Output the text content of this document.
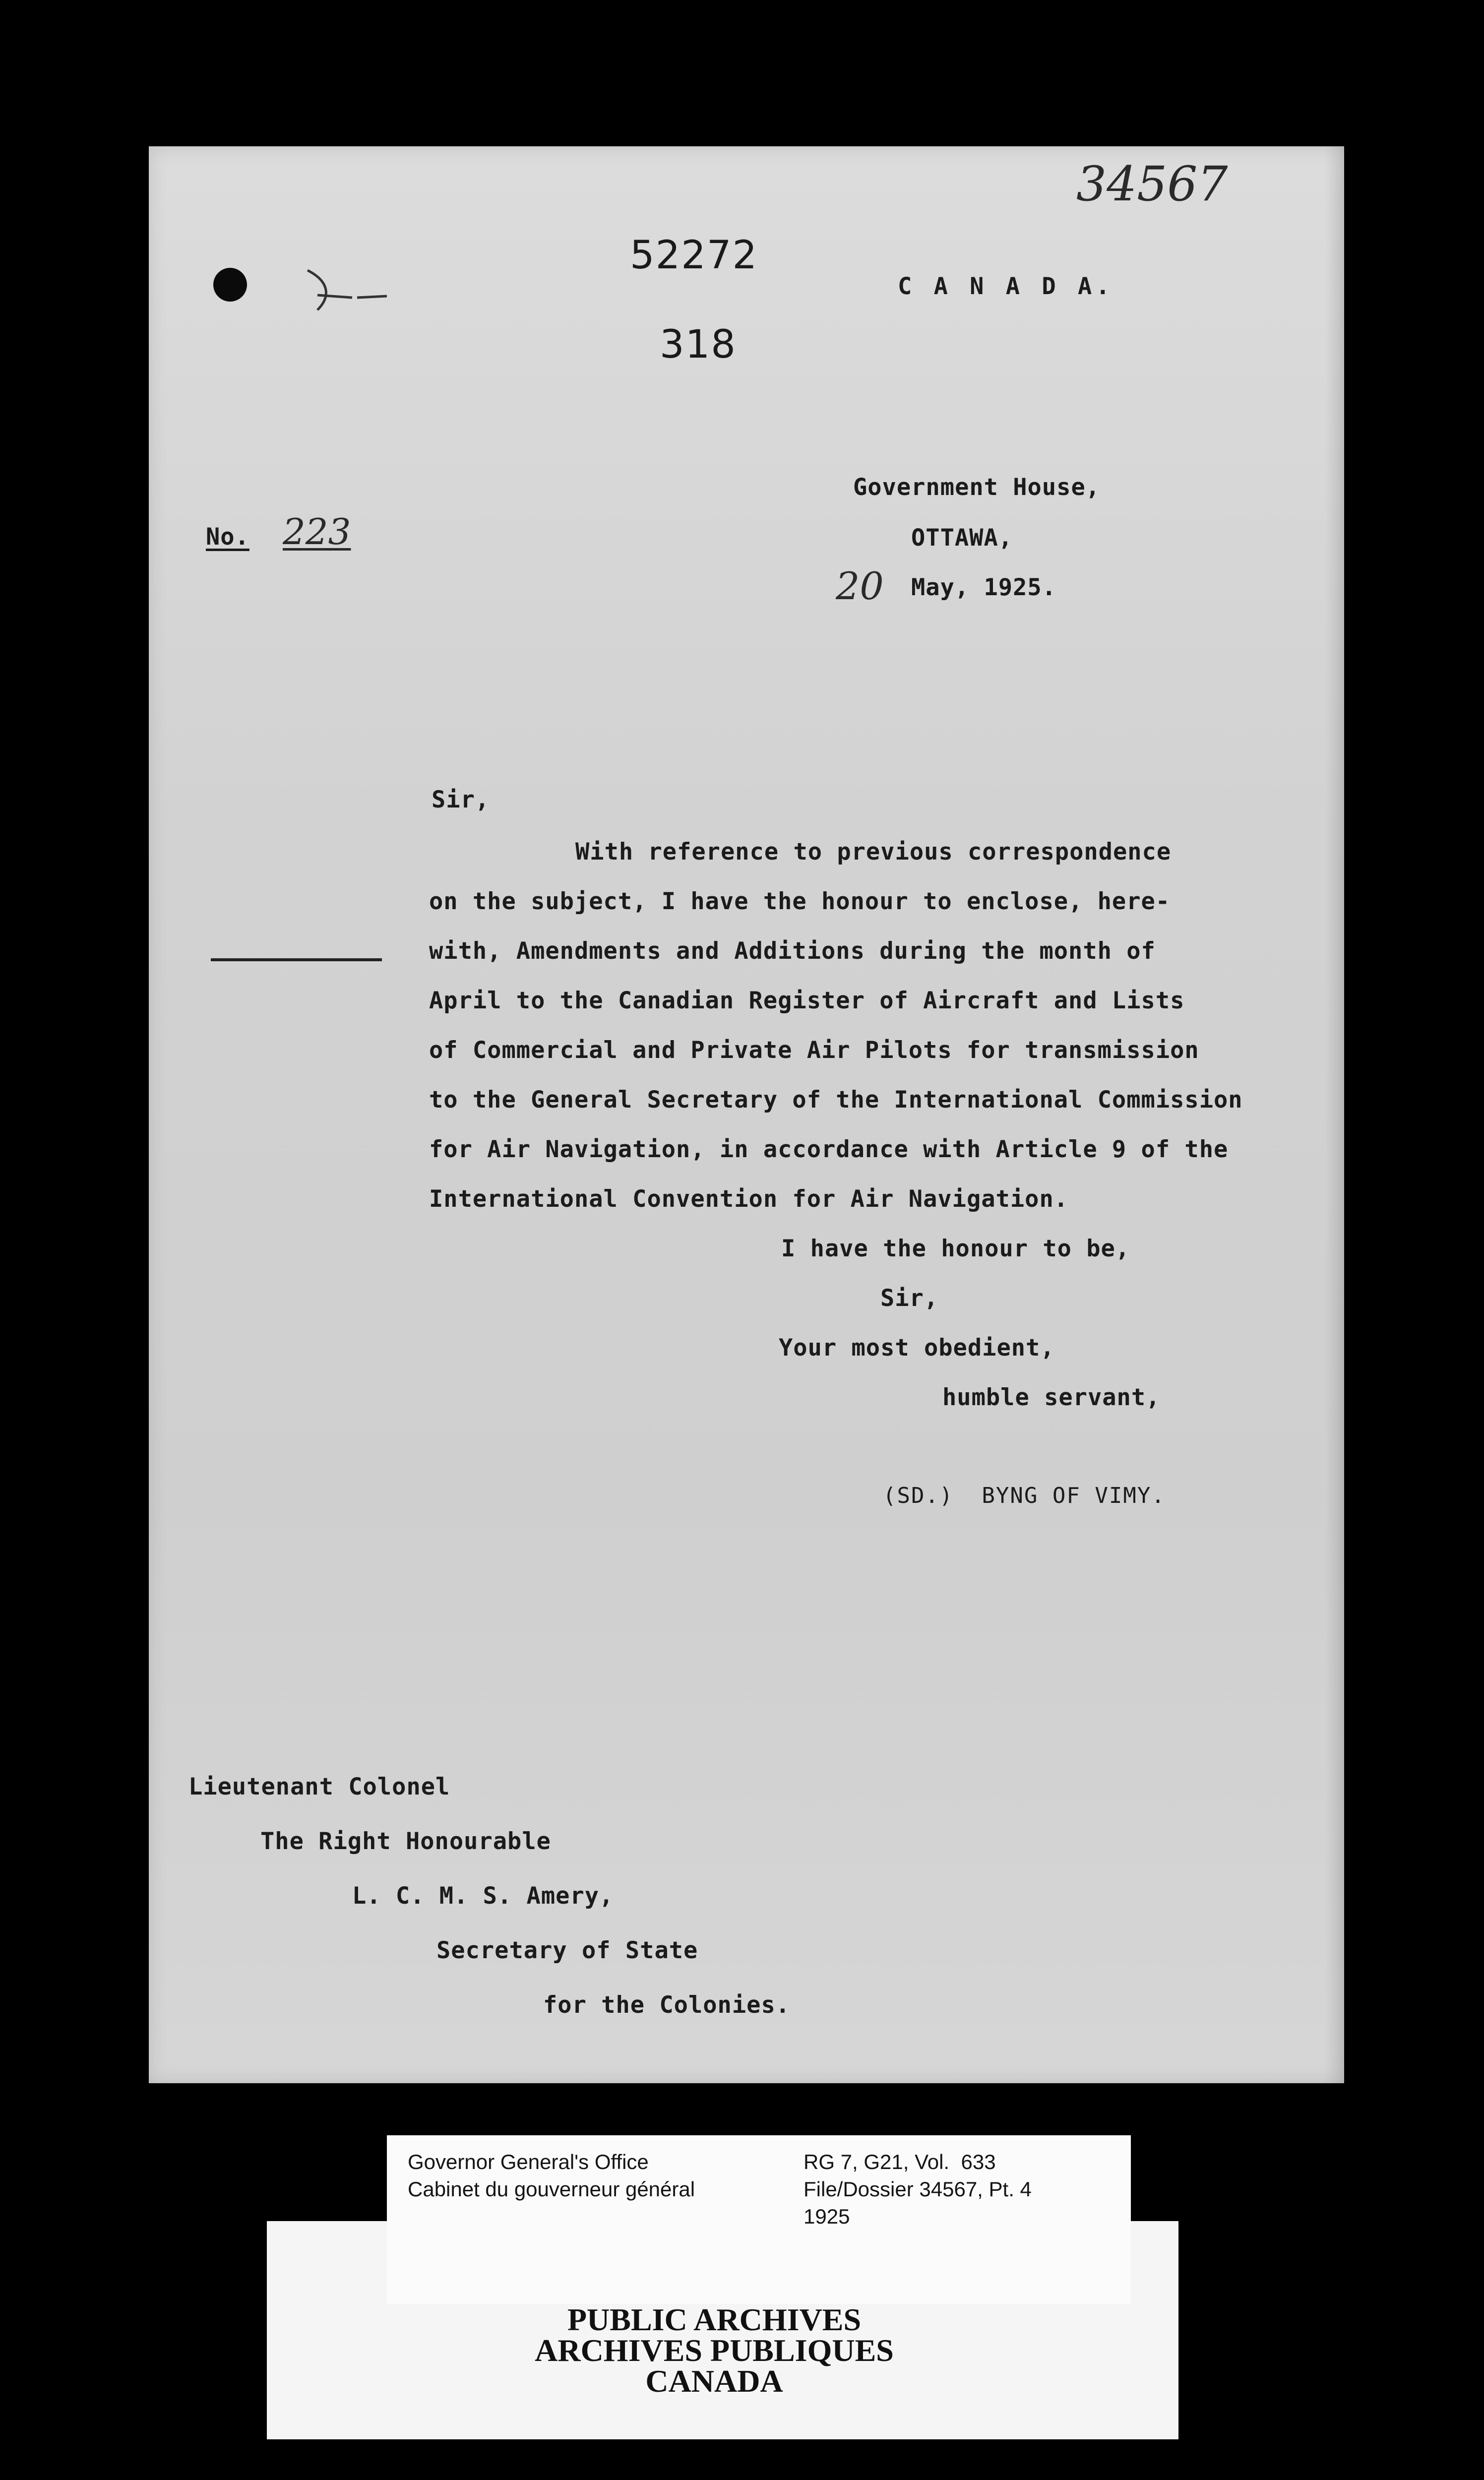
34567
52272
318
C A N A D A.
No. 223
Government House,
OTTAWA,
20 May, 1925.
Sir,
With reference to previous correspondence
on the subject, I have the honour to enclose, here-
with, Amendments and Additions during the month of
April to the Canadian Register of Aircraft and Lists
of Commercial and Private Air Pilots for transmission
to the General Secretary of the International Commission
for Air Navigation, in accordance with Article 9 of the
International Convention for Air Navigation.
I have the honour to be,
Sir,
Your most obedient,
humble servant,
(SD.)  BYNG OF VIMY.
Lieutenant Colonel
The Right Honourable
L. C. M. S. Amery,
Secretary of State
for the Colonies.
Governor General's Office
Cabinet du gouverneur général
RG 7, G21, Vol.  633
File/Dossier 34567, Pt. 4
1925
PUBLIC ARCHIVES
ARCHIVES PUBLIQUES
CANADA
